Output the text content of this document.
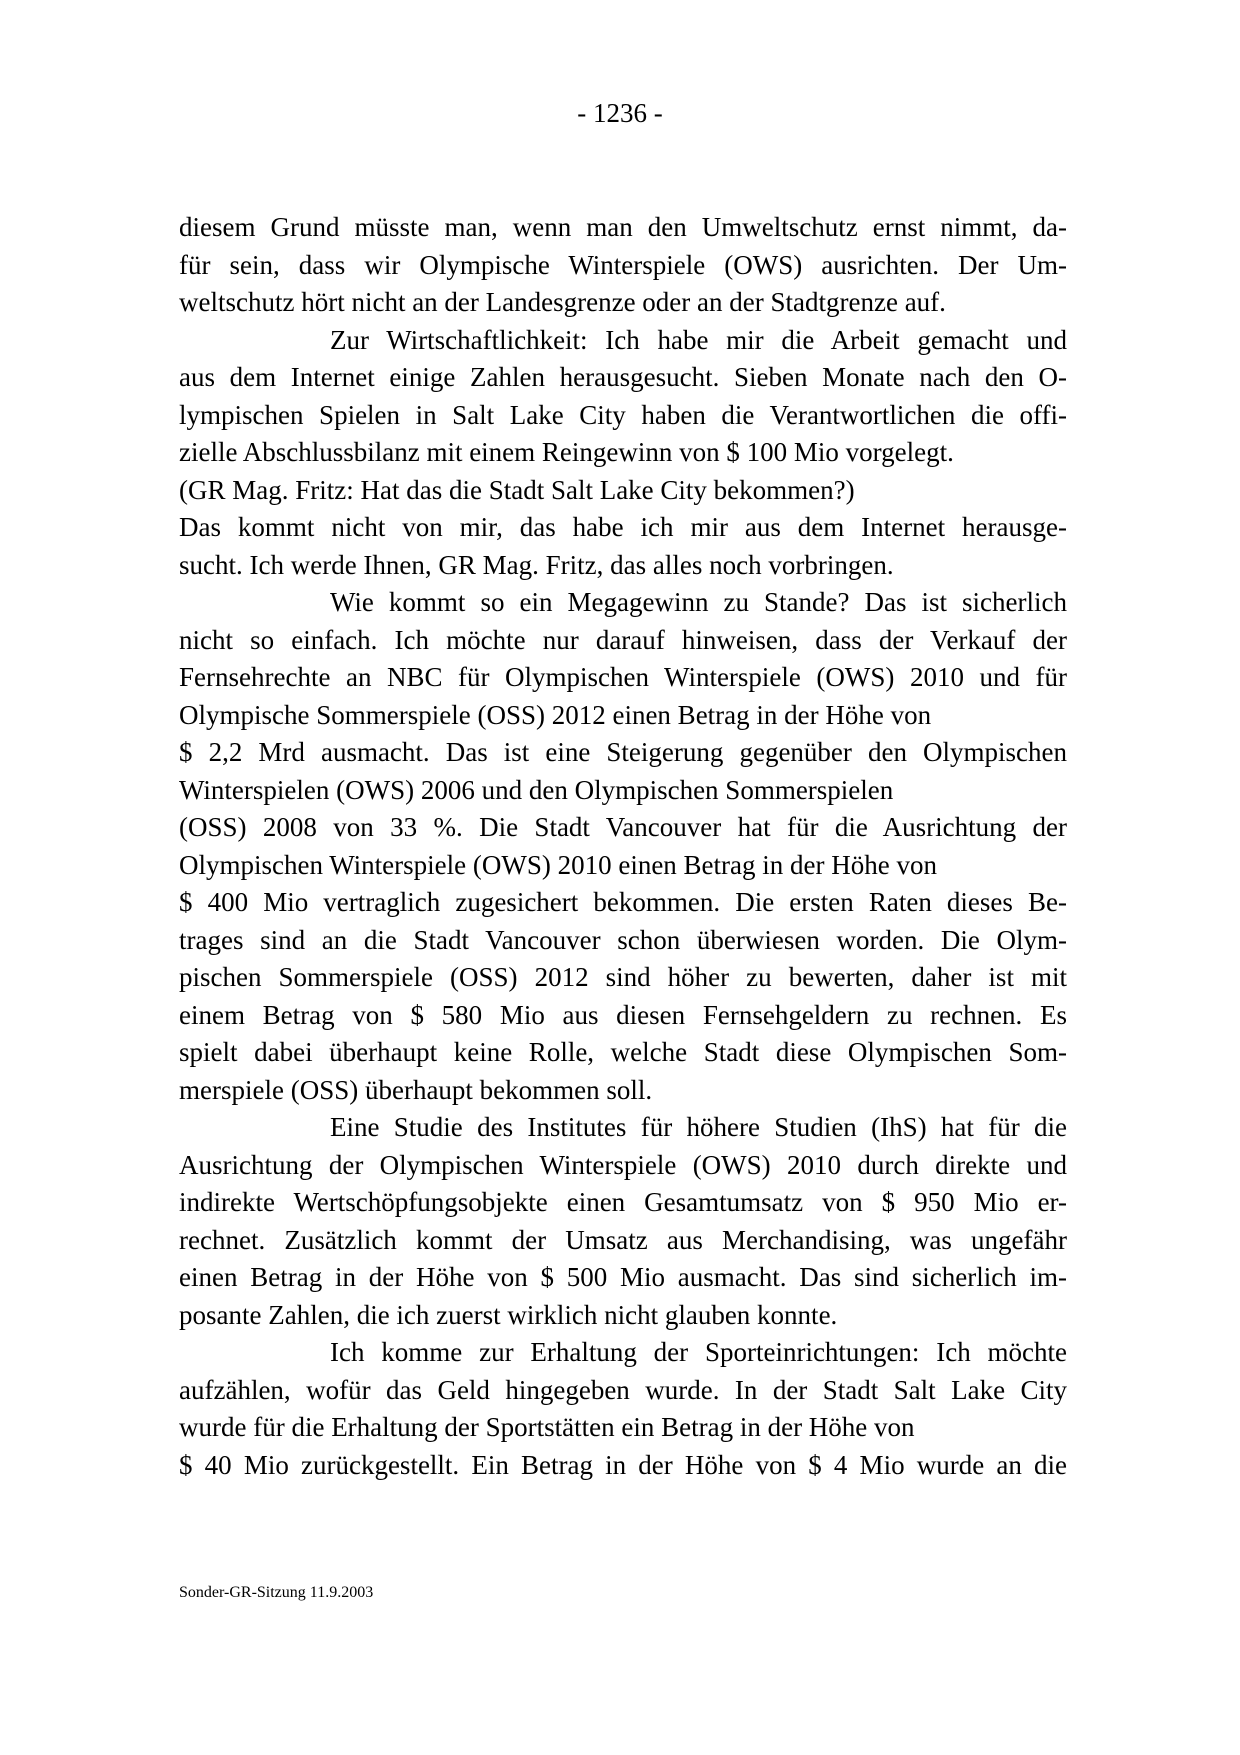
- 1236 -
diesem Grund müsste man, wenn man den Umweltschutz ernst nimmt, da-
für sein, dass wir Olympische Winterspiele (OWS) ausrichten. Der Um-
weltschutz hört nicht an der Landesgrenze oder an der Stadtgrenze auf.
Zur Wirtschaftlichkeit: Ich habe mir die Arbeit gemacht und
aus dem Internet einige Zahlen herausgesucht. Sieben Monate nach den O-
lympischen Spielen in Salt Lake City haben die Verantwortlichen die offi-
zielle Abschlussbilanz mit einem Reingewinn von $ 100 Mio vorgelegt.
(GR Mag. Fritz: Hat das die Stadt Salt Lake City bekommen?)
Das kommt nicht von mir, das habe ich mir aus dem Internet herausge-
sucht. Ich werde Ihnen, GR Mag. Fritz, das alles noch vorbringen.
Wie kommt so ein Megagewinn zu Stande? Das ist sicherlich
nicht so einfach. Ich möchte nur darauf hinweisen, dass der Verkauf der
Fernsehrechte an NBC für Olympischen Winterspiele (OWS) 2010 und für
Olympische Sommerspiele (OSS) 2012 einen Betrag in der Höhe von
$ 2,2 Mrd ausmacht. Das ist eine Steigerung gegenüber den Olympischen
Winterspielen (OWS) 2006 und den Olympischen Sommerspielen
(OSS) 2008 von 33 %. Die Stadt Vancouver hat für die Ausrichtung der
Olympischen Winterspiele (OWS) 2010 einen Betrag in der Höhe von
$ 400 Mio vertraglich zugesichert bekommen. Die ersten Raten dieses Be-
trages sind an die Stadt Vancouver schon überwiesen worden. Die Olym-
pischen Sommerspiele (OSS) 2012 sind höher zu bewerten, daher ist mit
einem Betrag von $ 580 Mio aus diesen Fernsehgeldern zu rechnen. Es
spielt dabei überhaupt keine Rolle, welche Stadt diese Olympischen Som-
merspiele (OSS) überhaupt bekommen soll.
Eine Studie des Institutes für höhere Studien (IhS) hat für die
Ausrichtung der Olympischen Winterspiele (OWS) 2010 durch direkte und
indirekte Wertschöpfungsobjekte einen Gesamtumsatz von $ 950 Mio er-
rechnet. Zusätzlich kommt der Umsatz aus Merchandising, was ungefähr
einen Betrag in der Höhe von $ 500 Mio ausmacht. Das sind sicherlich im-
posante Zahlen, die ich zuerst wirklich nicht glauben konnte.
Ich komme zur Erhaltung der Sporteinrichtungen: Ich möchte
aufzählen, wofür das Geld hingegeben wurde. In der Stadt Salt Lake City
wurde für die Erhaltung der Sportstätten ein Betrag in der Höhe von
$ 40 Mio zurückgestellt. Ein Betrag in der Höhe von $ 4 Mio wurde an die
Sonder-GR-Sitzung 11.9.2003
